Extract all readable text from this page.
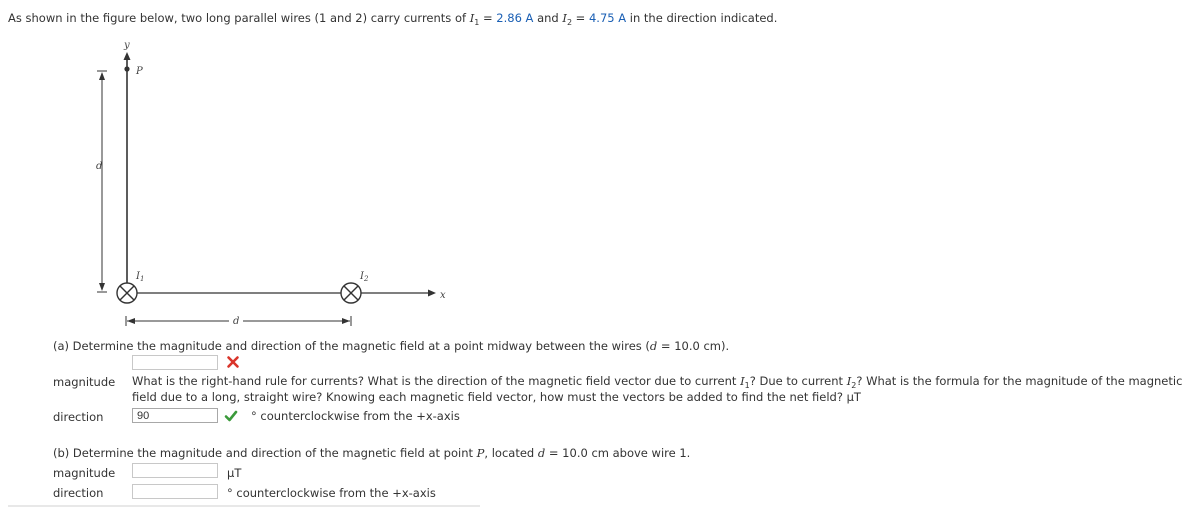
As shown in the figure below, two long parallel wires (1 and 2) carry currents of $I_1 = 2.86$ A and $I_2 = 4.75$ A in the direction indicated.
d
y
P
x
$I_1$	$I_2$
d
(a) Determine the magnitude and direction of the magnetic field at a point midway between the wires (d = 10.0 cm).
magnitude What is the right-hand rule for currents? What is the direction of the magnetic field vector due to current $I_1$? Due to current $I_2$? What is the formula for the magnitude of the magnetic
field due to a long, straight wire? Knowing each magnetic field vector, how must the vectors be added to find the net field? µT
direction
90	° counterclockwise from the +x-axis
(b) Determine the magnitude and direction of the magnetic field at point P, located d = 10.0 cm above wire 1.
magnitude	µT
direction	° counterclockwise from the +x-axis
